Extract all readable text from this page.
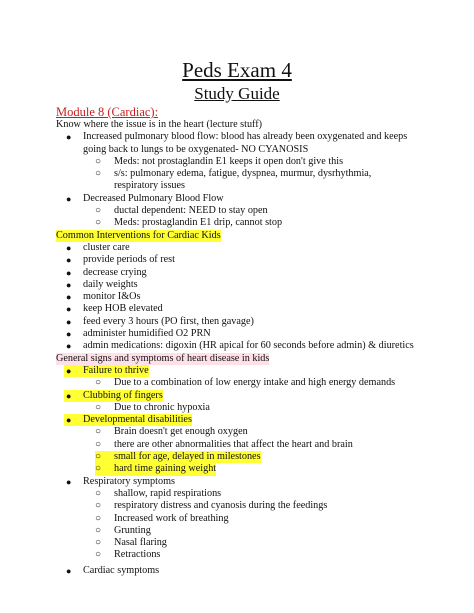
Peds Exam 4
Study Guide
Module 8 (Cardiac):
Know where the issue is in the heart (lecture stuff)
●	Increased pulmonary blood flow: blood has already been oxygenated and keeps
going back to lungs to be oxygenated- NO CYANOSIS
○	Meds: not prostaglandin E1 keeps it open don't give this
○	s/s: pulmonary edema, fatigue, dyspnea, murmur, dysrhythmia,
respiratory issues
●	Decreased Pulmonary Blood Flow
○	ductal dependent: NEED to stay open
○	Meds: prostaglandin E1 drip, cannot stop
Common Interventions for Cardiac Kids
●	cluster care
●	provide periods of rest
●	decrease crying
●	daily weights
●	monitor I&Os
●	keep HOB elevated
●	feed every 3 hours (PO first, then gavage)
●	administer humidified O2 PRN
●	admin medications: digoxin (HR apical for 60 seconds before admin) & diuretics
General signs and symptoms of heart disease in kids
●	Failure to thrive
○	Due to a combination of low energy intake and high energy demands
●	Clubbing of fingers
○	Due to chronic hypoxia
●	Developmental disabilities
○	Brain doesn't get enough oxygen
○	there are other abnormalities that affect the heart and brain
○	small for age, delayed in milestones
○	hard time gaining weight
●	Respiratory symptoms
○	shallow, rapid respirations
○	respiratory distress and cyanosis during the feedings
○	Increased work of breathing
○	Grunting
○	Nasal flaring
○	Retractions
●	Cardiac symptoms
